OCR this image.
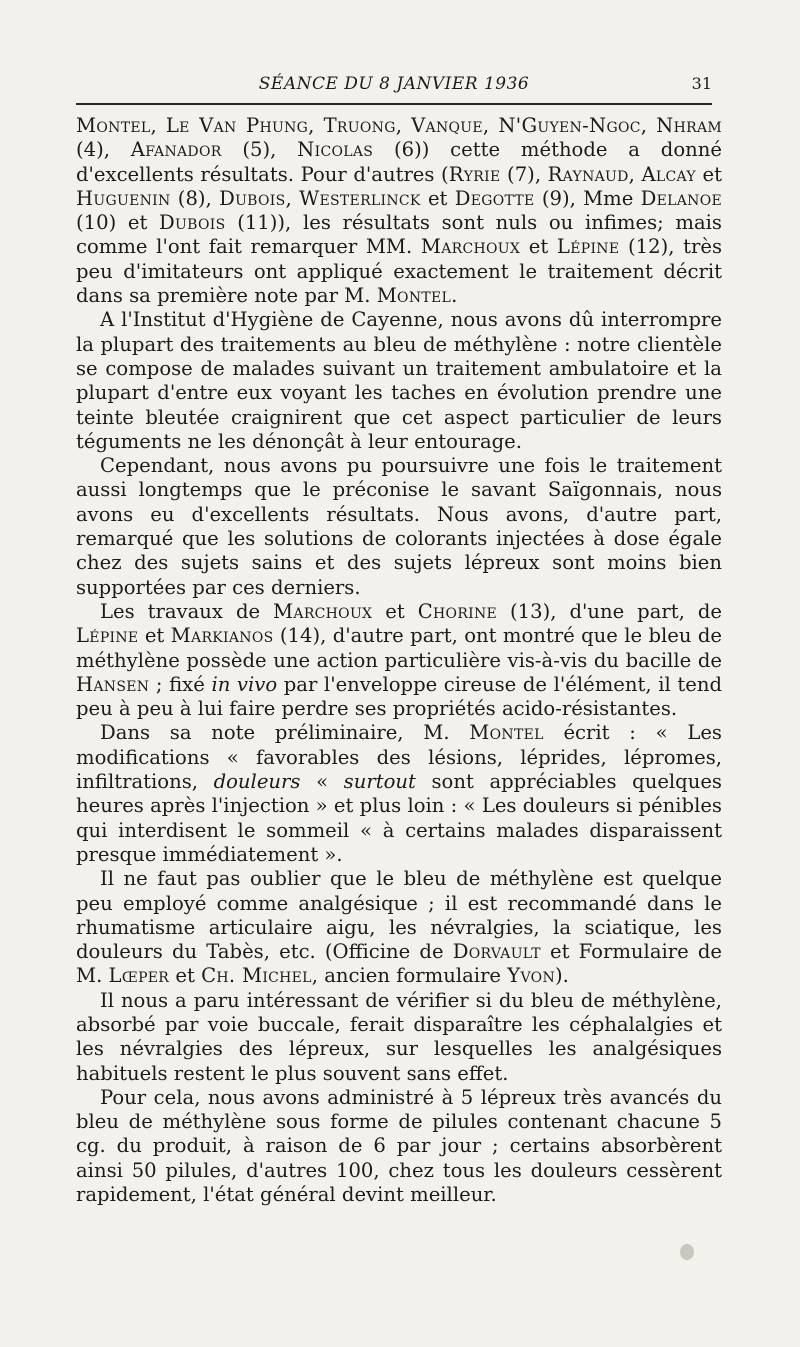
SÉANCE DU 8 JANVIER 1936	31

Montel, Le Van Phung, Truong, Vanque, N'Guyen-Ngoc, Nhram (4), Afanador (5), Nicolas (6)) cette méthode a donné d'excellents résultats. Pour d'autres (Ryrie (7), Raynaud, Alcay et Huguenin (8), Dubois, Westerlinck et Degotte (9), Mme Delanoe (10) et Dubois (11)), les résultats sont nuls ou infimes; mais comme l'ont fait remarquer MM. Marchoux et Lépine (12), très peu d'imitateurs ont appliqué exactement le traitement décrit dans sa première note par M. Montel.

A l'Institut d'Hygiène de Cayenne, nous avons dû interrompre la plupart des traitements au bleu de méthylène : notre clientèle se compose de malades suivant un traitement ambulatoire et la plupart d'entre eux voyant les taches en évolution prendre une teinte bleutée craignirent que cet aspect particulier de leurs téguments ne les dénonçât à leur entourage.

Cependant, nous avons pu poursuivre une fois le traitement aussi longtemps que le préconise le savant Saïgonnais, nous avons eu d'excellents résultats. Nous avons, d'autre part, remarqué que les solutions de colorants injectées à dose égale chez des sujets sains et des sujets lépreux sont moins bien supportées par ces derniers.

Les travaux de Marchoux et Chorine (13), d'une part, de Lépine et Markianos (14), d'autre part, ont montré que le bleu de méthylène possède une action particulière vis-à-vis du bacille de Hansen ; fixé in vivo par l'enveloppe cireuse de l'élément, il tend peu à peu à lui faire perdre ses propriétés acido-résistantes.

Dans sa note préliminaire, M. Montel écrit : « Les modifications « favorables des lésions, léprides, lépromes, infiltrations, douleurs « surtout sont appréciables quelques heures après l'injection » et plus loin : « Les douleurs si pénibles qui interdisent le sommeil « à certains malades disparaissent presque immédiatement ».

Il ne faut pas oublier que le bleu de méthylène est quelque peu employé comme analgésique ; il est recommandé dans le rhumatisme articulaire aigu, les névralgies, la sciatique, les douleurs du Tabès, etc. (Officine de Dorvault et Formulaire de M. Lœper et Ch. Michel, ancien formulaire Yvon).

Il nous a paru intéressant de vérifier si du bleu de méthylène, absorbé par voie buccale, ferait disparaître les céphalalgies et les névralgies des lépreux, sur lesquelles les analgésiques habituels restent le plus souvent sans effet.

Pour cela, nous avons administré à 5 lépreux très avancés du bleu de méthylène sous forme de pilules contenant chacune 5 cg. du produit, à raison de 6 par jour ; certains absorbèrent ainsi 50 pilules, d'autres 100, chez tous les douleurs cessèrent rapidement, l'état général devint meilleur.
